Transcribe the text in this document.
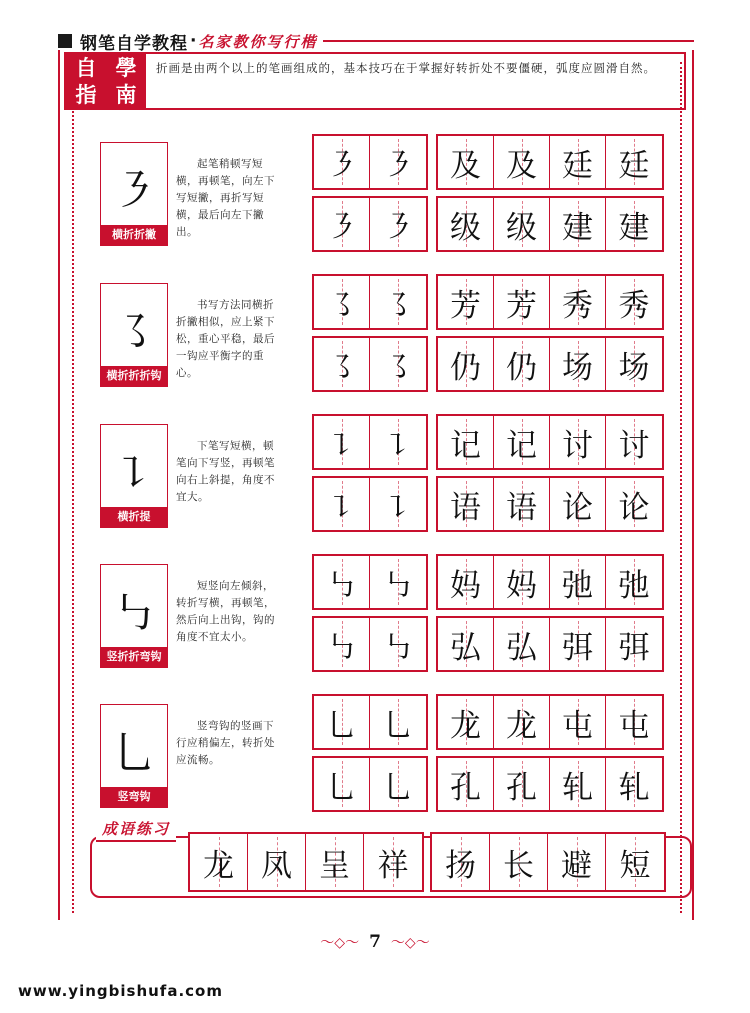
钢笔自学教程 · 名家教你写行楷
自 學
指 南
折画是由两个以上的笔画组成的，基本技巧在于掌握好转折处不要僵硬，弧度应圆滑自然。
㇋
横折折撇
起笔稍顿写短横，再顿笔，向左下写短撇，再折写短横，最后向左下撇出。
㇋ ㇋ 及 及 廷 廷
㇋ ㇋ 级 级 建 建
㇌
横折折折钩
书写方法同横折折撇相似，应上紧下松，重心平稳，最后一钩应平衡字的重心。
㇌ ㇌ 芳 芳 秀 秀
㇌ ㇌ 仍 仍 场 场
㇊
横折提
下笔写短横，顿笔向下写竖，再顿笔向右上斜提，角度不宜大。
㇊ ㇊ 记 记 讨 讨
㇊ ㇊ 语 语 论 论
㇉
竖折折弯钩
短竖向左倾斜，转折写横，再顿笔，然后向上出钩，钩的角度不宜太小。
㇉ ㇉ 妈 妈 弛 弛
㇉ ㇉ 弘 弘 弭 弭
乚
竖弯钩
竖弯钩的竖画下行应稍偏左，转折处应流畅。
乚 乚 龙 龙 屯 屯
乚 乚 孔 孔 轧 轧
成语练习
龙 凤 呈 祥 扬 长 避 短
〜◇〜 7 〜◇〜
www.yingbishufa.com
